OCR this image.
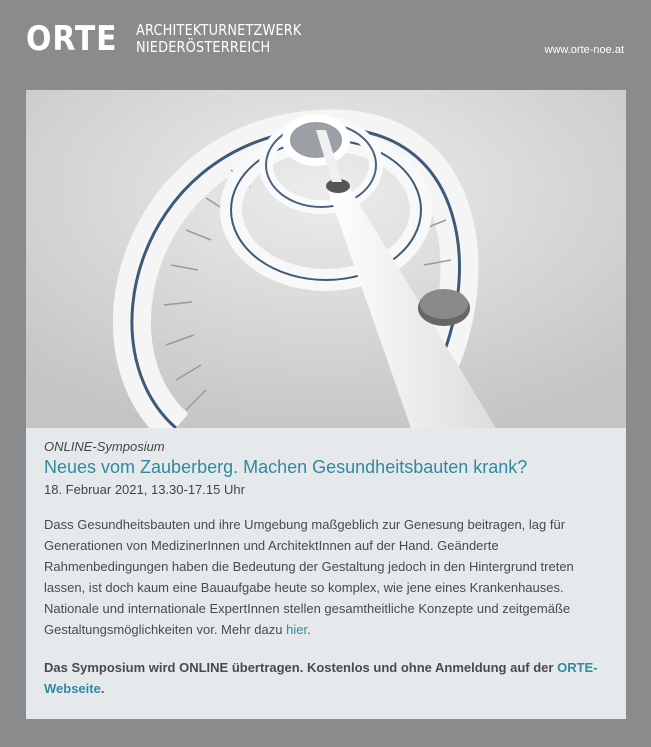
ORTE ARCHITEKTURNETZWERK
NIEDERÖSTERREICH	www.orte-noe.at
ONLINE-Symposium
Neues vom Zauberberg. Machen Gesundheitsbauten krank?
18. Februar 2021, 13.30-17.15 Uhr
Dass Gesundheitsbauten und ihre Umgebung maßgeblich zur Genesung beitragen, lag für Generationen von MedizinerInnen und ArchitektInnen auf der Hand. Geänderte Rahmenbedingungen haben die Bedeutung der Gestaltung jedoch in den Hintergrund treten lassen, ist doch kaum eine Bauaufgabe heute so komplex, wie jene eines Krankenhauses. Nationale und internationale ExpertInnen stellen gesamtheitliche Konzepte und zeitgemäße Gestaltungsmöglichkeiten vor. Mehr dazu hier.
Das Symposium wird ONLINE übertragen. Kostenlos und ohne Anmeldung auf der ORTE-Webseite.
